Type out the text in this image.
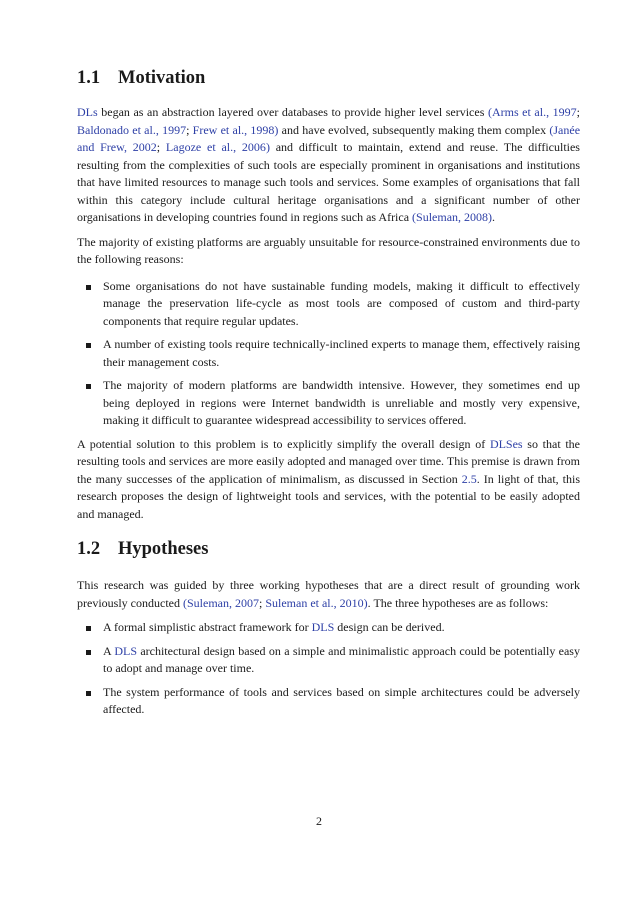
1.1 Motivation

DLs began as an abstraction layered over databases to provide higher level services (Arms et al., 1997; Baldonado et al., 1997; Frew et al., 1998) and have evolved, subsequently making them complex (Janée and Frew, 2002; Lagoze et al., 2006) and difficult to maintain, extend and reuse. The difficulties resulting from the complexities of such tools are especially prominent in organisations and institutions that have limited resources to manage such tools and services. Some examples of organisations that fall within this category include cultural heritage organisations and a significant number of other organisations in developing countries found in regions such as Africa (Suleman, 2008).

The majority of existing platforms are arguably unsuitable for resource-constrained environments due to the following reasons:

Some organisations do not have sustainable funding models, making it difficult to effectively manage the preservation life-cycle as most tools are composed of custom and third-party components that require regular updates.
A number of existing tools require technically-inclined experts to manage them, effectively raising their management costs.
The majority of modern platforms are bandwidth intensive. However, they sometimes end up being deployed in regions were Internet bandwidth is unreliable and mostly very expensive, making it difficult to guarantee widespread accessibility to services offered.

A potential solution to this problem is to explicitly simplify the overall design of DLSes so that the resulting tools and services are more easily adopted and managed over time. This premise is drawn from the many successes of the application of minimalism, as discussed in Section 2.5. In light of that, this research proposes the design of lightweight tools and services, with the potential to be easily adopted and managed.

1.2 Hypotheses

This research was guided by three working hypotheses that are a direct result of grounding work previously conducted (Suleman, 2007; Suleman et al., 2010). The three hypotheses are as follows:

A formal simplistic abstract framework for DLS design can be derived.
A DLS architectural design based on a simple and minimalistic approach could be potentially easy to adopt and manage over time.
The system performance of tools and services based on simple architectures could be adversely affected.
2
